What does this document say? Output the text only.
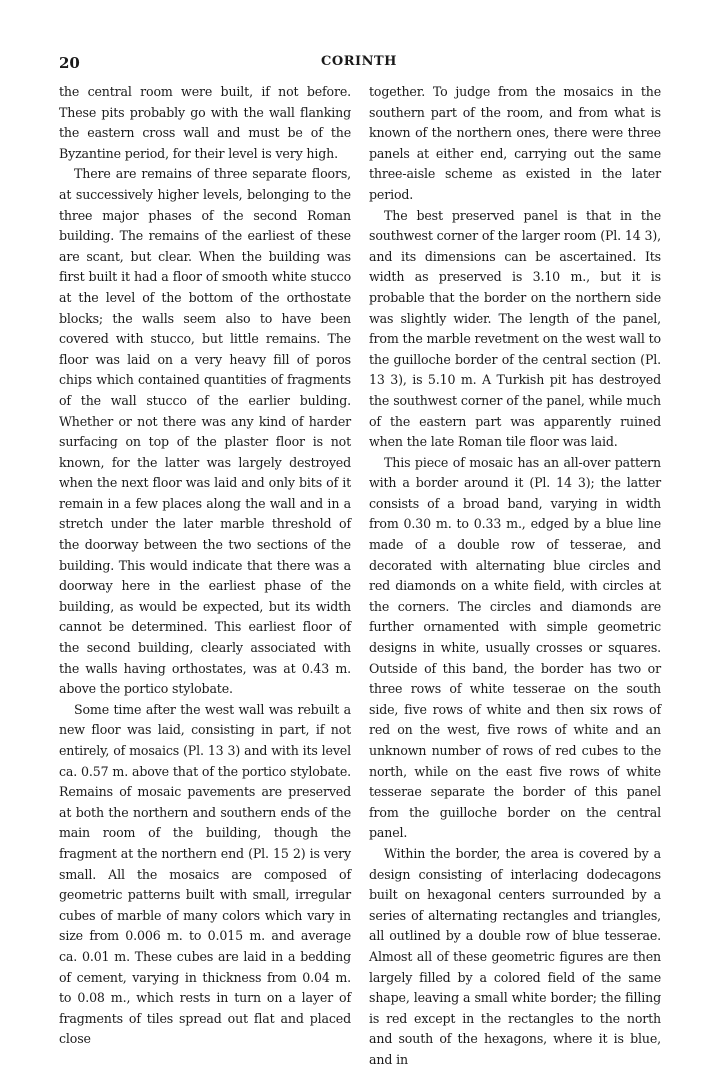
20	CORINTH

the central room were built, if not before. These pits probably go with the wall flanking the eastern cross wall and must be of the Byzantine period, for their level is very high.

There are remains of three separate floors, at successively higher levels, belonging to the three major phases of the second Roman building. The remains of the earliest of these are scant, but clear. When the building was first built it had a floor of smooth white stucco at the level of the bottom of the orthostate blocks; the walls seem also to have been covered with stucco, but little remains. The floor was laid on a very heavy fill of poros chips which contained quantities of fragments of the wall stucco of the earlier bulding. Whether or not there was any kind of harder surfacing on top of the plaster floor is not known, for the latter was largely destroyed when the next floor was laid and only bits of it remain in a few places along the wall and in a stretch under the later marble threshold of the doorway between the two sections of the building. This would indicate that there was a doorway here in the earliest phase of the building, as would be expected, but its width cannot be determined. This earliest floor of the second building, clearly associated with the walls having orthostates, was at 0.43 m. above the portico stylobate.

Some time after the west wall was rebuilt a new floor was laid, consisting in part, if not entirely, of mosaics (Pl. 13 3) and with its level ca. 0.57 m. above that of the portico stylobate. Remains of mosaic pavements are preserved at both the northern and southern ends of the main room of the building, though the fragment at the northern end (Pl. 15 2) is very small. All the mosaics are composed of geometric patterns built with small, irregular cubes of marble of many colors which vary in size from 0.006 m. to 0.015 m. and average ca. 0.01 m. These cubes are laid in a bedding of cement, varying in thickness from 0.04 m. to 0.08 m., which rests in turn on a layer of fragments of tiles spread out flat and placed close

together. To judge from the mosaics in the southern part of the room, and from what is known of the northern ones, there were three panels at either end, carrying out the same three-aisle scheme as existed in the later period.

The best preserved panel is that in the southwest corner of the larger room (Pl. 14 3), and its dimensions can be ascertained. Its width as preserved is 3.10 m., but it is probable that the border on the northern side was slightly wider. The length of the panel, from the marble revetment on the west wall to the guilloche border of the central section (Pl. 13 3), is 5.10 m. A Turkish pit has destroyed the southwest corner of the panel, while much of the eastern part was apparently ruined when the late Roman tile floor was laid.

This piece of mosaic has an all-over pattern with a border around it (Pl. 14 3); the latter consists of a broad band, varying in width from 0.30 m. to 0.33 m., edged by a blue line made of a double row of tesserae, and decorated with alternating blue circles and red diamonds on a white field, with circles at the corners. The circles and diamonds are further ornamented with simple geometric designs in white, usually crosses or squares. Outside of this band, the border has two or three rows of white tesserae on the south side, five rows of white and then six rows of red on the west, five rows of white and an unknown number of rows of red cubes to the north, while on the east five rows of white tesserae separate the border of this panel from the guilloche border on the central panel.

Within the border, the area is covered by a design consisting of interlacing dodecagons built on hexagonal centers surrounded by a series of alternating rectangles and triangles, all outlined by a double row of blue tesserae. Almost all of these geometric figures are then largely filled by a colored field of the same shape, leaving a small white border; the filling is red except in the rectangles to the north and south of the hexagons, where it is blue, and in
